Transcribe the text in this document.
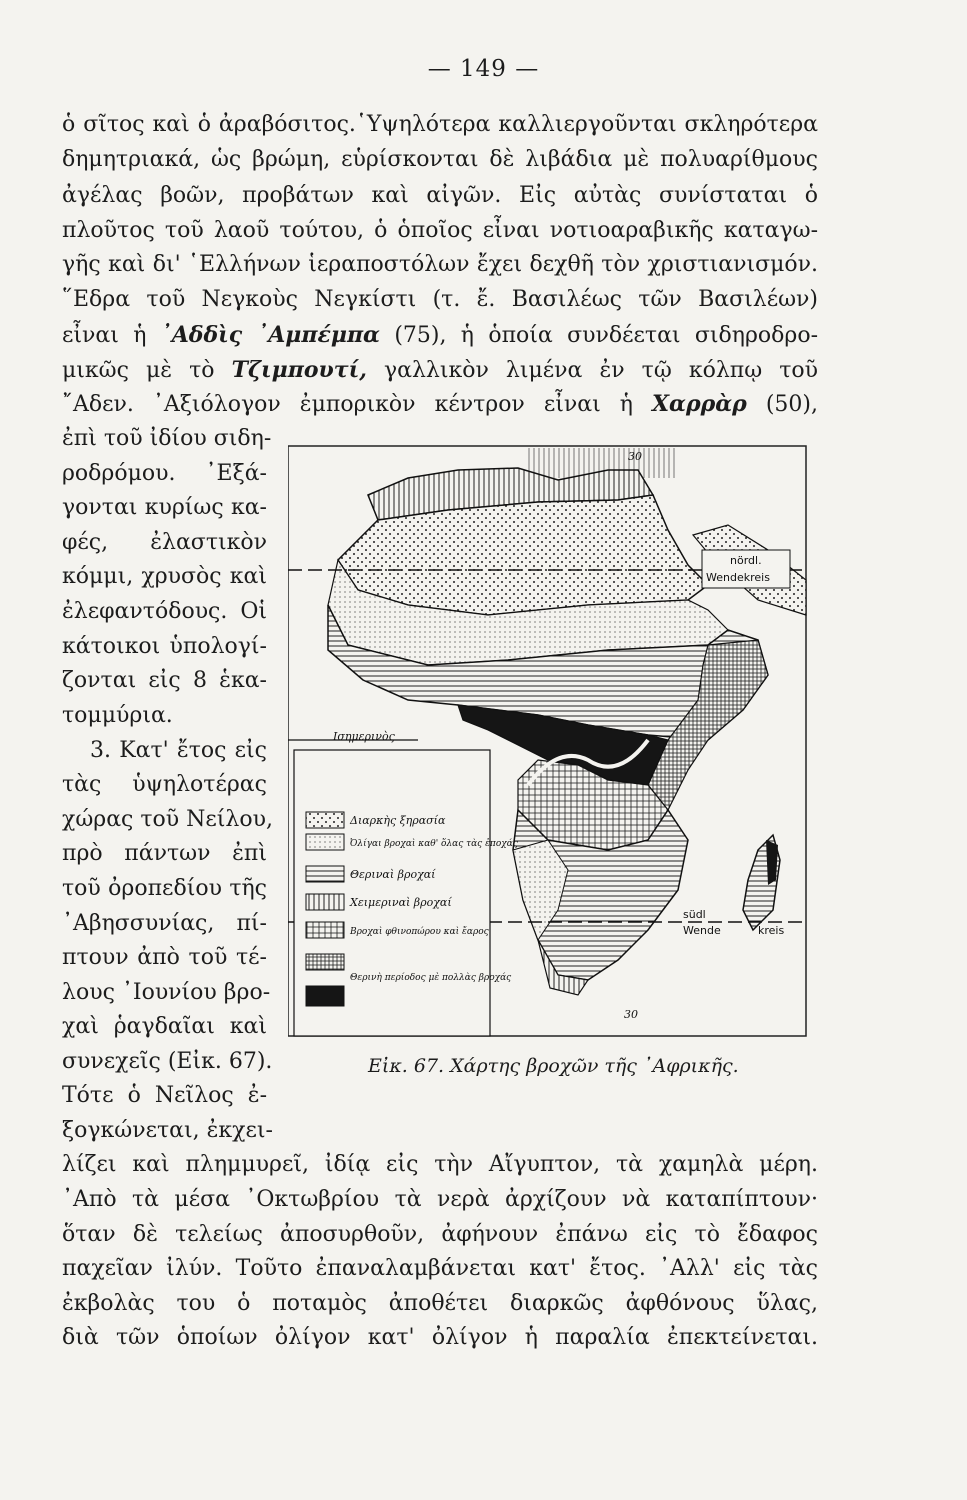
— 149 —
ὁ σῖτος καὶ ὁ ἀραβόσιτος.῾Υψηλότερα καλλιεργοῦνται σκληρότερα
δημητριακά, ὡς βρώμη, εὑρίσκονται δὲ λιβάδια μὲ πολυαρίθμους
ἀγέλας βοῶν, προβάτων καὶ αἰγῶν. Εἰς αὐτὰς συνίσταται ὁ
πλοῦτος τοῦ λαοῦ τούτου, ὁ ὁποῖος εἶναι νοτιοαραβικῆς καταγω-
γῆς καὶ δι' ῾Ελλήνων ἱεραποστόλων ἔχει δεχθῆ τὸν χριστιανισμόν.
῞Εδρα τοῦ Νεγκοὺς Νεγκίστι (τ. ἔ. Βασιλέως τῶν Βασιλέων)
εἶναι ἡ ᾿Αδδὶς ᾿Αμπέμπα (75), ἡ ὁποία συνδέεται σιδηροδρο-
μικῶς μὲ τὸ Τζιμπουτί, γαλλικὸν λιμένα ἐν τῷ κόλπῳ τοῦ
῎Αδεν. ᾿Αξιόλογον ἐμπορικὸν κέντρον εἶναι ἡ Χαρρὰρ (50),
ἐπὶ τοῦ ἰδίου σιδη-
ροδρόμου. ᾿Εξά-
γονται κυρίως κα-
φές, ἐλαστικὸν
κόμμι, χρυσὸς καὶ
ἐλεφαντόδους. Οἱ
κάτοικοι ὑπολογί-
ζονται εἰς 8 ἑκα-
τομμύρια.
3. Κατ' ἔτος εἰς
τὰς ὑψηλοτέρας
χώρας τοῦ Νείλου,
πρὸ πάντων ἐπὶ
τοῦ ὀροπεδίου τῆς
᾿Αβησσυνίας, πί-
πτουν ἀπὸ τοῦ τέ-
λους ᾿Ιουνίου βρο-
χαὶ ῥαγδαῖαι καὶ
συνεχεῖς (Εἰκ. 67).
Τότε ὁ Νεῖλος ἐ-
ξογκώνεται, ἐκχει-
λίζει καὶ πλημμυρεῖ, ἰδίᾳ εἰς τὴν Αἴγυπτον, τὰ χαμηλὰ μέρη.
᾿Απὸ τὰ μέσα ᾿Οκτωβρίου τὰ νερὰ ἀρχίζουν νὰ καταπίπτουν·
ὅταν δὲ τελείως ἀποσυρθοῦν, ἀφήνουν ἐπάνω εἰς τὸ ἔδαφος
παχεῖαν ἰλύν. Τοῦτο ἐπαναλαμβάνεται κατ' ἔτος. ᾿Αλλ' εἰς τὰς
ἐκβολὰς του ὁ ποταμὸς ἀποθέτει διαρκῶς ἀφθόνους ὕλας,
διὰ τῶν ὁποίων ὀλίγον κατ' ὀλίγον ἡ παραλία ἐπεκτείνεται.
nördl.
Wendekreis
südl
Wende	kreis
30
30
Ισημερινὸς
Διαρκὴς ξηρασία
Ὀλίγαι βροχαὶ καθ' ὅλας τὰς ἐποχάς
Θεριναὶ βροχαί
Χειμεριναὶ βροχαί
Βροχαὶ φθινοπώρου καὶ ἔαρος
Θερινὴ περίοδος μὲ πολλὰς βροχάς
Εἰκ. 67. Χάρτης βροχῶν τῆς ᾿Αφρικῆς.
